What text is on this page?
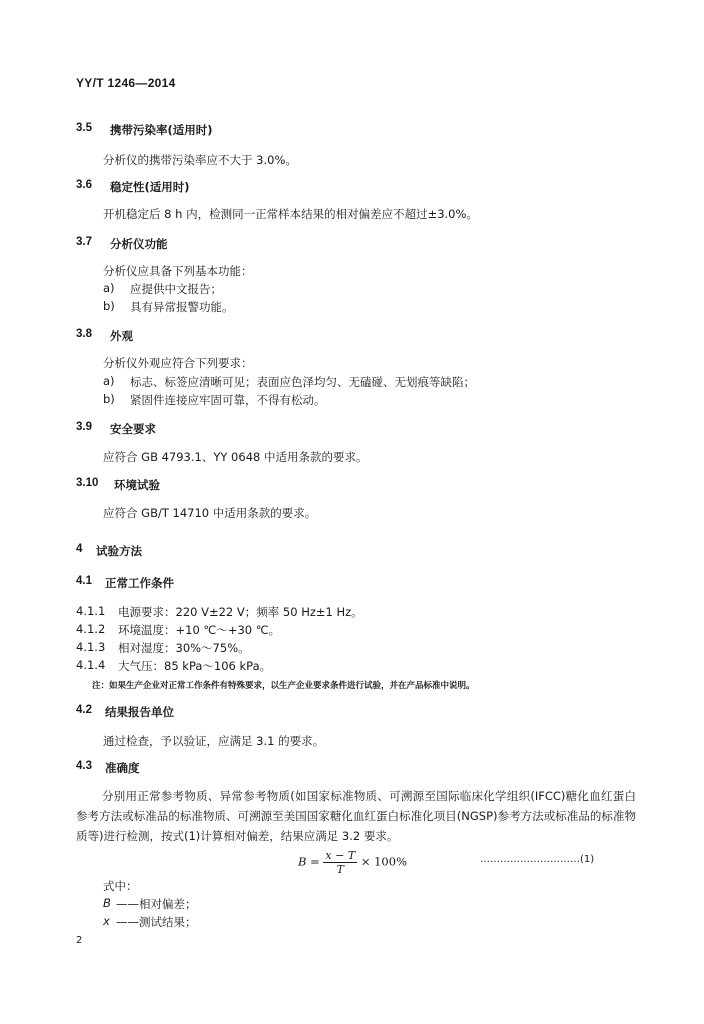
YY/T 1246—2014
3.5 携带污染率(适用时)
分析仪的携带污染率应不大于 3.0%。
3.6 稳定性(适用时)
开机稳定后 8 h 内，检测同一正常样本结果的相对偏差应不超过±3.0%。
3.7 分析仪功能
分析仪应具备下列基本功能：
a) 应提供中文报告；
b) 具有异常报警功能。
3.8 外观
分析仪外观应符合下列要求：
a) 标志、标签应清晰可见；表面应色泽均匀、无磕碰、无划痕等缺陷；
b) 紧固件连接应牢固可靠，不得有松动。
3.9 安全要求
应符合 GB 4793.1、YY 0648 中适用条款的要求。
3.10 环境试验
应符合 GB/T 14710 中适用条款的要求。
4 试验方法
4.1 正常工作条件
4.1.1 电源要求：220 V±22 V；频率 50 Hz±1 Hz。
4.1.2 环境温度：+10 ℃～+30 ℃。
4.1.3 相对湿度：30%～75%。
4.1.4 大气压：85 kPa～106 kPa。
注：如果生产企业对正常工作条件有特殊要求，以生产企业要求条件进行试验，并在产品标准中说明。
4.2 结果报告单位
通过检查，予以验证，应满足 3.1 的要求。
4.3 准确度
分别用正常参考物质、异常参考物质(如国家标准物质、可溯源至国际临床化学组织(IFCC)糖化血红蛋白参考方法或标准品的标准物质、可溯源至美国国家糖化血红蛋白标准化项目(NGSP)参考方法或标准品的标准物质等)进行检测，按式(1)计算相对偏差，结果应满足 3.2 要求。
$B = \frac{x - T}{T} \times 100\%$	…………………………(1)
式中：
B ——相对偏差；
x ——测试结果；
2
